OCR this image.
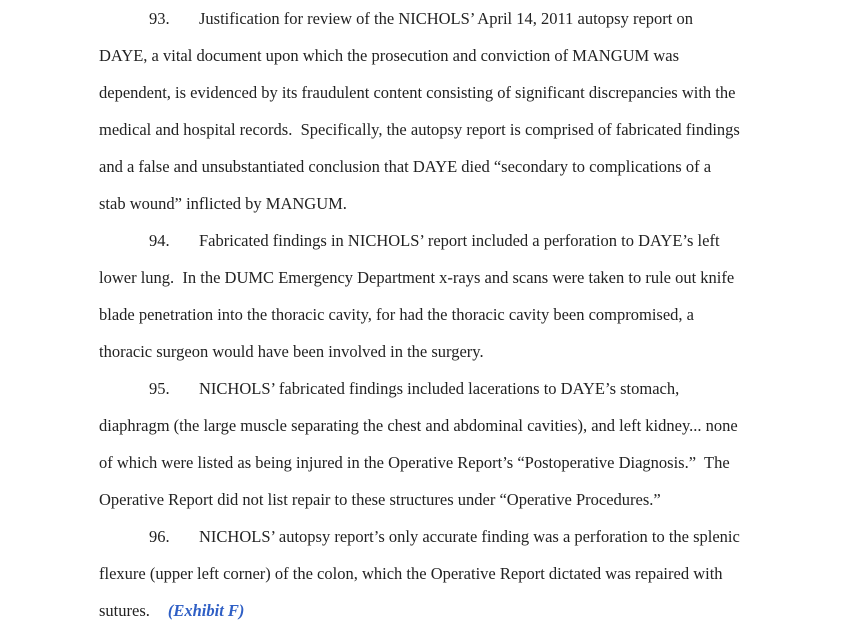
93. Justification for review of the NICHOLS’ April 14, 2011 autopsy report on
DAYE, a vital document upon which the prosecution and conviction of MANGUM was
dependent, is evidenced by its fraudulent content consisting of significant discrepancies with the
medical and hospital records.  Specifically, the autopsy report is comprised of fabricated findings
and a false and unsubstantiated conclusion that DAYE died “secondary to complications of a
stab wound” inflicted by MANGUM.
94. Fabricated findings in NICHOLS’ report included a perforation to DAYE’s left
lower lung.  In the DUMC Emergency Department x-rays and scans were taken to rule out knife
blade penetration into the thoracic cavity, for had the thoracic cavity been compromised, a
thoracic surgeon would have been involved in the surgery.
95. NICHOLS’ fabricated findings included lacerations to DAYE’s stomach,
diaphragm (the large muscle separating the chest and abdominal cavities), and left kidney... none
of which were listed as being injured in the Operative Report’s “Postoperative Diagnosis.”  The
Operative Report did not list repair to these structures under “Operative Procedures.”
96. NICHOLS’ autopsy report’s only accurate finding was a perforation to the splenic
flexure (upper left corner) of the colon, which the Operative Report dictated was repaired with
sutures. (Exhibit F)
